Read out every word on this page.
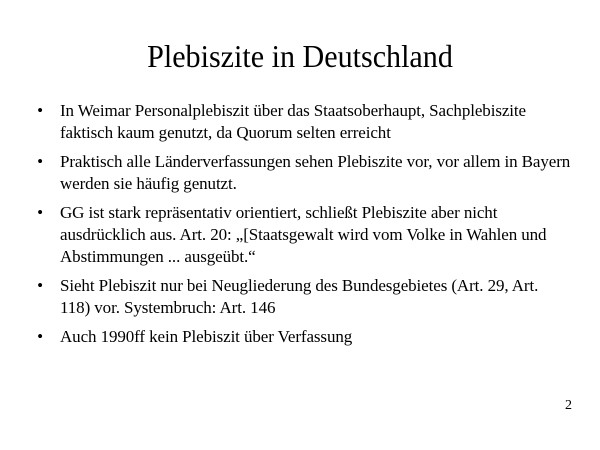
Plebiszite in Deutschland
• In Weimar Personalplebiszit über das Staatsoberhaupt, Sachplebiszite faktisch kaum genutzt, da Quorum selten erreicht
• Praktisch alle Länderverfassungen sehen Plebiszite vor, vor allem in Bayern werden sie häufig genutzt.
• GG ist stark repräsentativ orientiert, schließt Plebiszite aber nicht ausdrücklich aus. Art. 20: „[Staatsgewalt wird vom Volke in Wahlen und Abstimmungen ... ausgeübt.“
• Sieht Plebiszit nur bei Neugliederung des Bundesgebietes (Art. 29, Art. 118) vor. Systembruch: Art. 146
• Auch 1990ff kein Plebiszit über Verfassung
2
